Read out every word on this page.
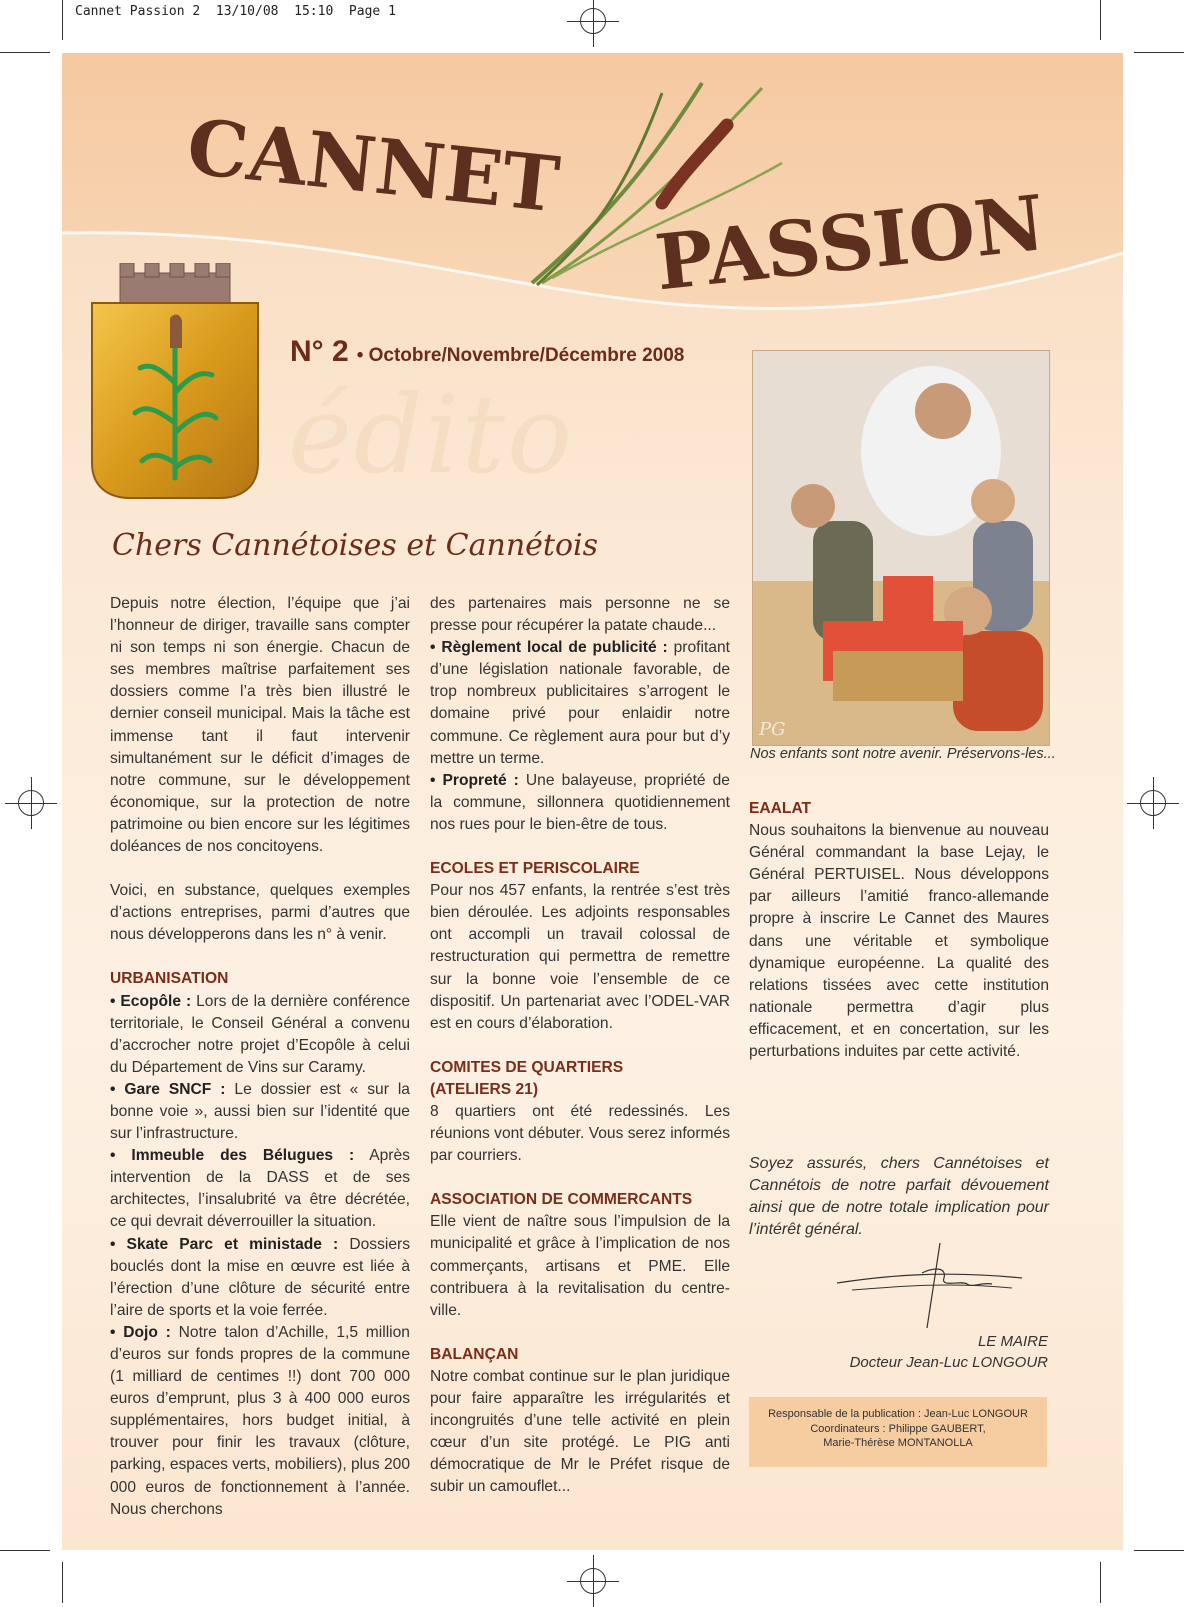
Cannet Passion 2  13/10/08  15:10  Page 1
CANNET
PASSION
N° 2 • Octobre/Novembre/Décembre 2008
édito
Chers Cannétoises et Cannétois

Depuis notre élection, l’équipe que j’ai l’honneur de diriger, travaille sans compter ni son temps ni son énergie. Chacun de ses membres maîtrise parfaitement ses dossiers comme l’a très bien illustré le dernier conseil municipal. Mais la tâche est immense tant il faut intervenir simultanément sur le déficit d’images de notre commune, sur le développement économique, sur la protection de notre patrimoine ou bien encore sur les légitimes doléances de nos concitoyens.

Voici, en substance, quelques exemples d’actions entreprises, parmi d’autres que nous développerons dans les n° à venir.

URBANISATION

• Ecopôle : Lors de la dernière conférence territoriale, le Conseil Général a convenu d’accrocher notre projet d’Ecopôle à celui du Département de Vins sur Caramy.

• Gare SNCF : Le dossier est « sur la bonne voie », aussi bien sur l’identité que sur l’infrastructure.

• Immeuble des Bélugues : Après intervention de la DASS et de ses architectes, l’insalubrité va être décrétée, ce qui devrait déverrouiller la situation.

• Skate Parc et ministade : Dossiers bouclés dont la mise en œuvre est liée à l’érection d’une clôture de sécurité entre l’aire de sports et la voie ferrée.

• Dojo : Notre talon d’Achille, 1,5 million d’euros sur fonds propres de la commune (1 milliard de centimes !!) dont 700 000 euros d’emprunt, plus 3 à 400 000 euros supplémentaires, hors budget initial, à trouver pour finir les travaux (clôture, parking, espaces verts, mobiliers), plus 200 000 euros de fonctionnement à l’année. Nous cherchons

des partenaires mais personne ne se presse pour récupérer la patate chaude...

• Règlement local de publicité : profitant d’une législation nationale favorable, de trop nombreux publicitaires s’arrogent le domaine privé pour enlaidir notre commune. Ce règlement aura pour but d’y mettre un terme.

• Propreté : Une balayeuse, propriété de la commune, sillonnera quotidiennement nos rues pour le bien-être de tous.

ECOLES ET PERISCOLAIRE

Pour nos 457 enfants, la rentrée s’est très bien déroulée. Les adjoints responsables ont accompli un travail colossal de restructuration qui permettra de remettre sur la bonne voie l’ensemble de ce dispositif. Un partenariat avec l’ODEL-VAR est en cours d’élaboration.

COMITES DE QUARTIERS

(ATELIERS 21)

8 quartiers ont été redessinés. Les réunions vont débuter. Vous serez informés par courriers.

ASSOCIATION DE COMMERCANTS

Elle vient de naître sous l’impulsion de la municipalité et grâce à l’implication de nos commerçants, artisans et PME. Elle contribuera à la revitalisation du centre-ville.

BALANÇAN

Notre combat continue sur le plan juridique pour faire apparaître les irrégularités et incongruités d’une telle activité en plein cœur d’un site protégé. Le PIG anti démocratique de Mr le Préfet risque de subir un camouflet...

PG
Nos enfants sont notre avenir. Préservons-les...

EAALAT

Nous souhaitons la bienvenue au nouveau Général commandant la base Lejay, le Général PERTUISEL. Nous développons par ailleurs l’amitié franco-allemande propre à inscrire Le Cannet des Maures dans une véritable et symbolique dynamique européenne. La qualité des relations tissées avec cette institution nationale permettra d’agir plus efficacement, et en concertation, sur les perturbations induites par cette activité.

Soyez assurés, chers Cannétoises et Cannétois de notre parfait dévouement ainsi que de notre totale implication pour l’intérêt général.
LE MAIRE
Docteur Jean-Luc LONGOUR
Responsable de la publication : Jean-Luc LONGOUR
Coordinateurs : Philippe GAUBERT,
Marie-Thérèse MONTANOLLA
